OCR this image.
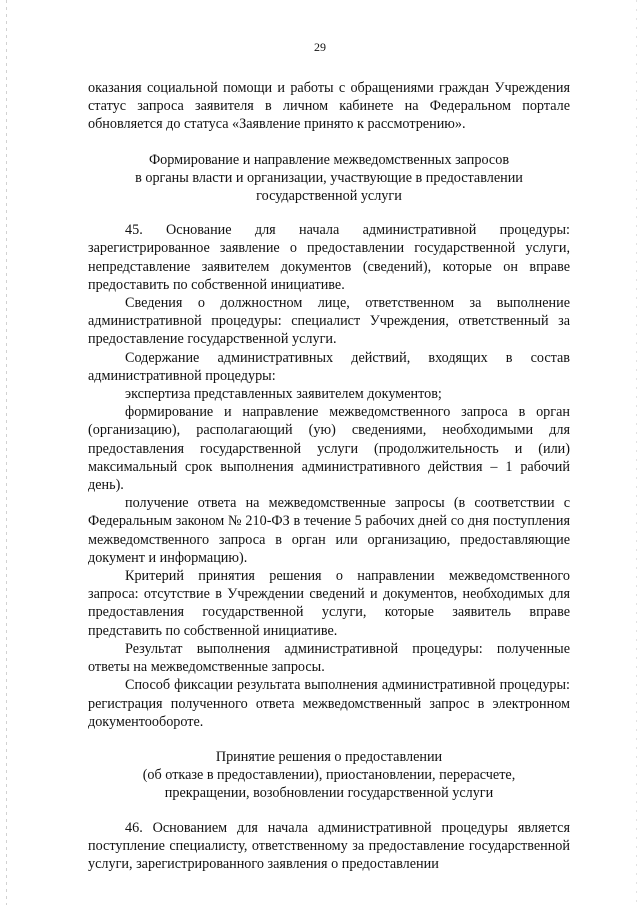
29

оказания социальной помощи и работы с обращениями граждан Учреждения статус запроса заявителя в личном кабинете на Федеральном портале обновляется до статуса «Заявление принято к рассмотрению».

Формирование и направление межведомственных запросов

в органы власти и организации, участвующие в предоставлении

государственной услуги

45. Основание для начала административной процедуры: зарегистрированное заявление о предоставлении государственной услуги, непредставление заявителем документов (сведений), которые он вправе предоставить по собственной инициативе.

Сведения о должностном лице, ответственном за выполнение административной процедуры: специалист Учреждения, ответственный за предоставление государственной услуги.

Содержание административных действий, входящих в состав административной процедуры:

экспертиза представленных заявителем документов;

формирование и направление межведомственного запроса в орган (организацию), располагающий (ую) сведениями, необходимыми для предоставления государственной услуги (продолжительность и (или) максимальный срок выполнения административного действия – 1 рабочий день).

получение ответа на межведомственные запросы (в соответствии с Федеральным законом № 210-ФЗ в течение 5 рабочих дней со дня поступления межведомственного запроса в орган или организацию, предоставляющие документ и информацию).

Критерий принятия решения о направлении межведомственного запроса: отсутствие в Учреждении сведений и документов, необходимых для предоставления государственной услуги, которые заявитель вправе представить по собственной инициативе.

Результат выполнения административной процедуры: полученные ответы на межведомственные запросы.

Способ фиксации результата выполнения административной процедуры: регистрация полученного ответа межведомственный запрос в электронном документообороте.

Принятие решения о предоставлении

(об отказе в предоставлении), приостановлении, перерасчете,

прекращении, возобновлении государственной услуги

46. Основанием для начала административной процедуры является поступление специалисту, ответственному за предоставление государственной услуги, зарегистрированного заявления о предоставлении
